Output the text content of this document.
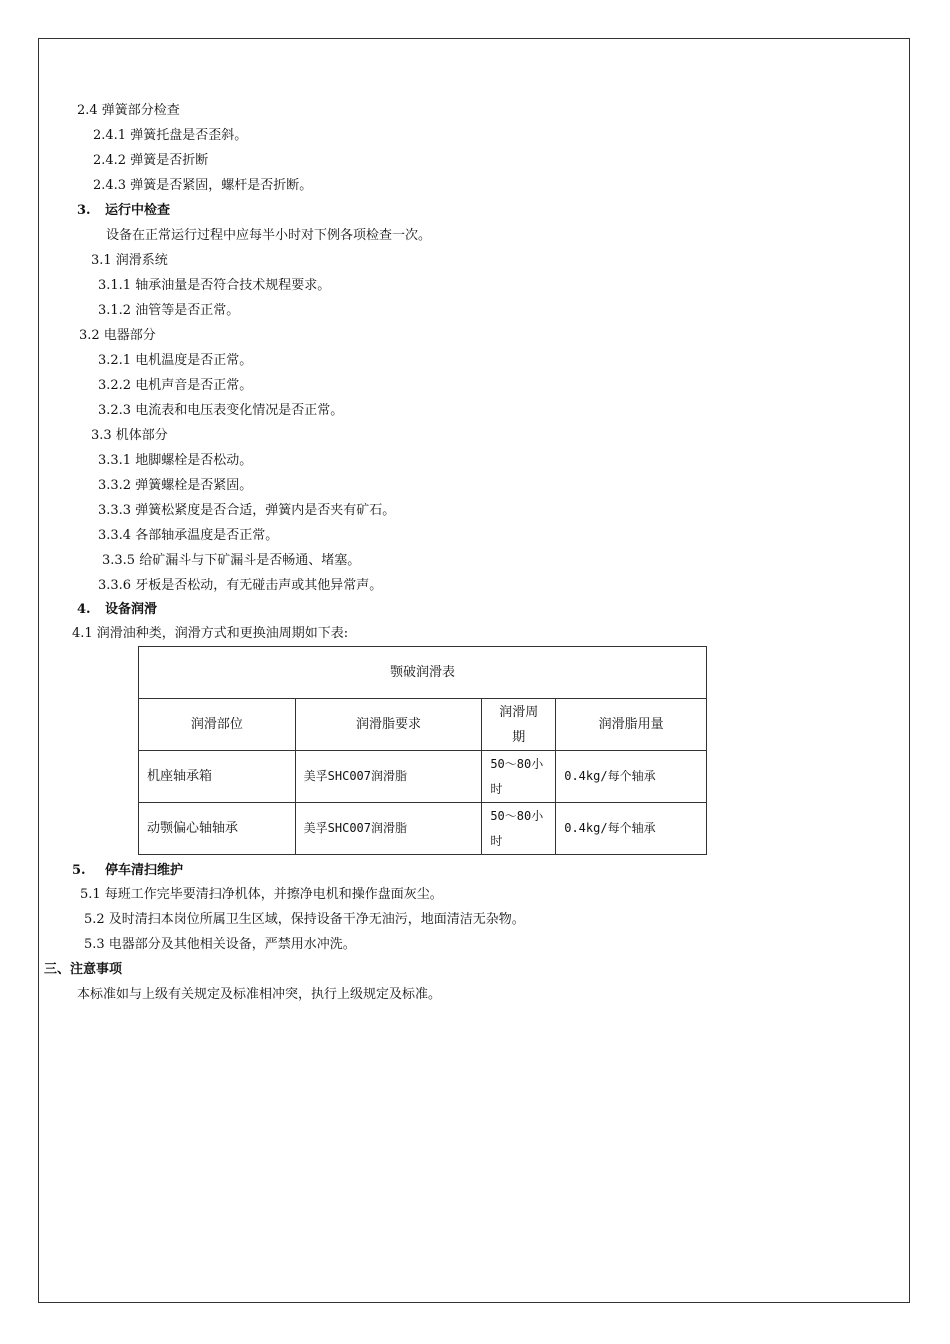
2.4 弹簧部分检查
2.4.1 弹簧托盘是否歪斜。
2.4.2 弹簧是否折断
2.4.3 弹簧是否紧固，螺杆是否折断。
3. 运行中检查
设备在正常运行过程中应每半小时对下例各项检查一次。
3.1 润滑系统
3.1.1 轴承油量是否符合技术规程要求。
3.1.2 油管等是否正常。
3.2 电器部分
3.2.1 电机温度是否正常。
3.2.2 电机声音是否正常。
3.2.3 电流表和电压表变化情况是否正常。
3.3 机体部分
3.3.1 地脚螺栓是否松动。
3.3.2 弹簧螺栓是否紧固。
3.3.3 弹簧松紧度是否合适，弹簧内是否夹有矿石。
3.3.4 各部轴承温度是否正常。
3.3.5 给矿漏斗与下矿漏斗是否畅通、堵塞。
3.3.6 牙板是否松动，有无碰击声或其他异常声。
4. 设备润滑
4.1 润滑油种类，润滑方式和更换油周期如下表:
颚破润滑表			
润滑部位	润滑脂要求	润滑周期	润滑脂用量
机座轴承箱	美孚SHC007润滑脂	50～80小时	0.4kg/每个轴承
动颚偏心轴轴承	美孚SHC007润滑脂	50～80小时	0.4kg/每个轴承
5. 停车清扫维护
5.1 每班工作完毕要清扫净机体，并擦净电机和操作盘面灰尘。
5.2 及时清扫本岗位所属卫生区域，保持设备干净无油污，地面清洁无杂物。
5.3 电器部分及其他相关设备，严禁用水冲洗。
三、注意事项
本标准如与上级有关规定及标准相冲突，执行上级规定及标准。
